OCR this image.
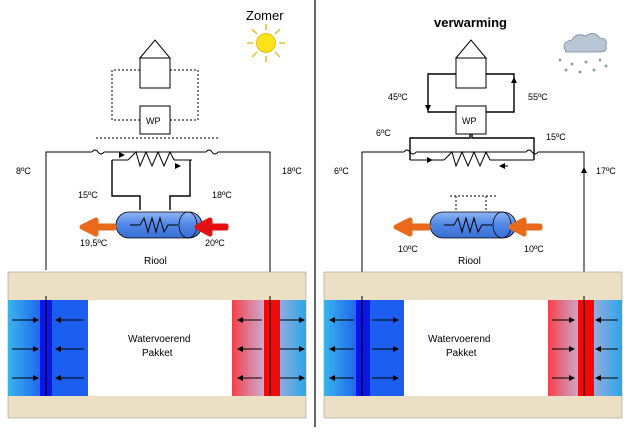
Zomer
WP
8ºC	18ºC
15ºC	18ºC
19,5ºC	20ºC
Riool
Watervoerend
Pakket
verwarming
WP
45ºC	55ºC
6ºC	15ºC
6ºC	17ºC
10ºC	10ºC
Riool
Watervoerend
Pakket
